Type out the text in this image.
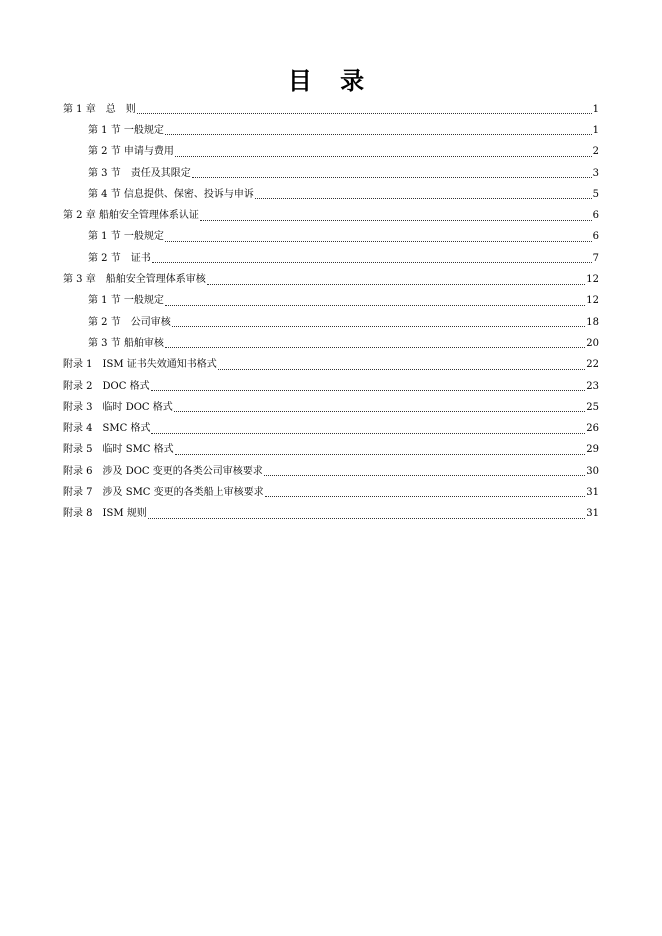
目 录
第 1 章　总　则	1
第 1 节 一般规定	1
第 2 节 申请与费用	2
第 3 节　责任及其限定	3
第 4 节 信息提供、保密、投诉与申诉	5
第 2 章 船舶安全管理体系认证	6
第 1 节 一般规定	6
第 2 节　证书	7
第 3 章　船舶安全管理体系审核	12
第 1 节 一般规定	12
第 2 节　公司审核	18
第 3 节 船舶审核	20
附录 1　ISM 证书失效通知书格式	22
附录 2　DOC 格式	23
附录 3　临时 DOC 格式	25
附录 4　SMC 格式	26
附录 5　临时 SMC 格式	29
附录 6　涉及 DOC 变更的各类公司审核要求	30
附录 7　涉及 SMC 变更的各类船上审核要求	31
附录 8　ISM 规则	31
